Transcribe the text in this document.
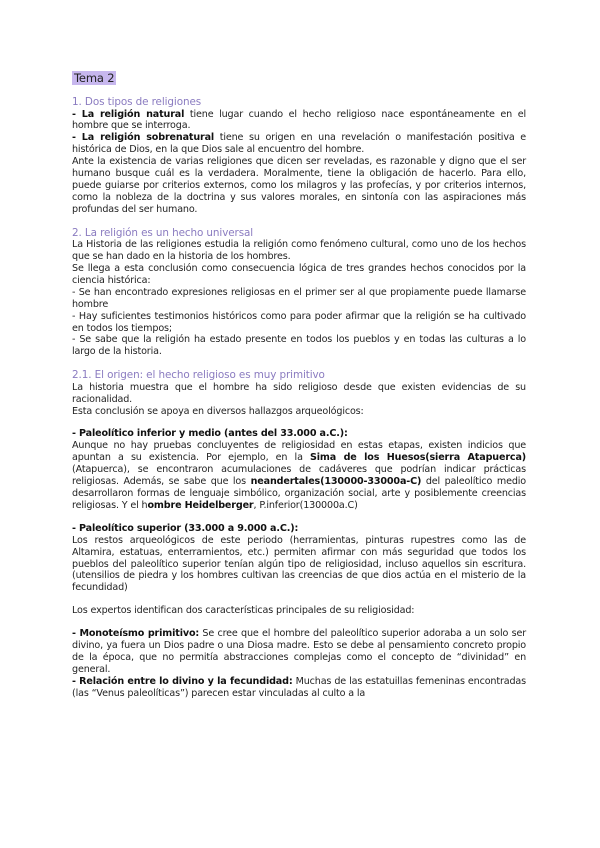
Tema 2
1. Dos tipos de religiones

- La religión natural tiene lugar cuando el hecho religioso nace espontáneamente en el hombre que se interroga.

- La religión sobrenatural tiene su origen en una revelación o manifestación positiva e histórica de Dios, en la que Dios sale al encuentro del hombre.

Ante la existencia de varias religiones que dicen ser reveladas, es razonable y digno que el ser humano busque cuál es la verdadera. Moralmente, tiene la obligación de hacerlo. Para ello, puede guiarse por criterios externos, como los milagros y las profecías, y por criterios internos, como la nobleza de la doctrina y sus valores morales, en sintonía con las aspiraciones más profundas del ser humano.

2. La religión es un hecho universal

La Historia de las religiones estudia la religión como fenómeno cultural, como uno de los hechos que se han dado en la historia de los hombres.

Se llega a esta conclusión como consecuencia lógica de tres grandes hechos conocidos por la ciencia histórica:

- Se han encontrado expresiones religiosas en el primer ser al que propiamente puede llamarse hombre

- Hay suficientes testimonios históricos como para poder afirmar que la religión se ha cultivado en todos los tiempos;

- Se sabe que la religión ha estado presente en todos los pueblos y en todas las culturas a lo largo de la historia.

2.1. El origen: el hecho religioso es muy primitivo

La historia muestra que el hombre ha sido religioso desde que existen evidencias de su racionalidad.

Esta conclusión se apoya en diversos hallazgos arqueológicos:

- Paleolítico inferior y medio (antes del 33.000 a.C.):

Aunque no hay pruebas concluyentes de religiosidad en estas etapas, existen indicios que apuntan a su existencia. Por ejemplo, en la Sima de los Huesos(sierra Atapuerca) (Atapuerca), se encontraron acumulaciones de cadáveres que podrían indicar prácticas religiosas. Además, se sabe que los neandertales(130000-33000a-C) del paleolítico medio desarrollaron formas de lenguaje simbólico, organización social, arte y posiblemente creencias religiosas. Y el hombre Heidelberger, P.inferior(130000a.C)

- Paleolítico superior (33.000 a 9.000 a.C.):

Los restos arqueológicos de este periodo (herramientas, pinturas rupestres como las de Altamira, estatuas, enterramientos, etc.) permiten afirmar con más seguridad que todos los pueblos del paleolítico superior tenían algún tipo de religiosidad, incluso aquellos sin escritura. (utensilios de piedra y los hombres cultivan las creencias de que dios actúa en el misterio de la fecundidad)

Los expertos identifican dos características principales de su religiosidad:

- Monoteísmo primitivo: Se cree que el hombre del paleolítico superior adoraba a un solo ser divino, ya fuera un Dios padre o una Diosa madre. Esto se debe al pensamiento concreto propio de la época, que no permitía abstracciones complejas como el concepto de “divinidad” en general.

- Relación entre lo divino y la fecundidad: Muchas de las estatuillas femeninas encontradas (las “Venus paleolíticas”) parecen estar vinculadas al culto a la
